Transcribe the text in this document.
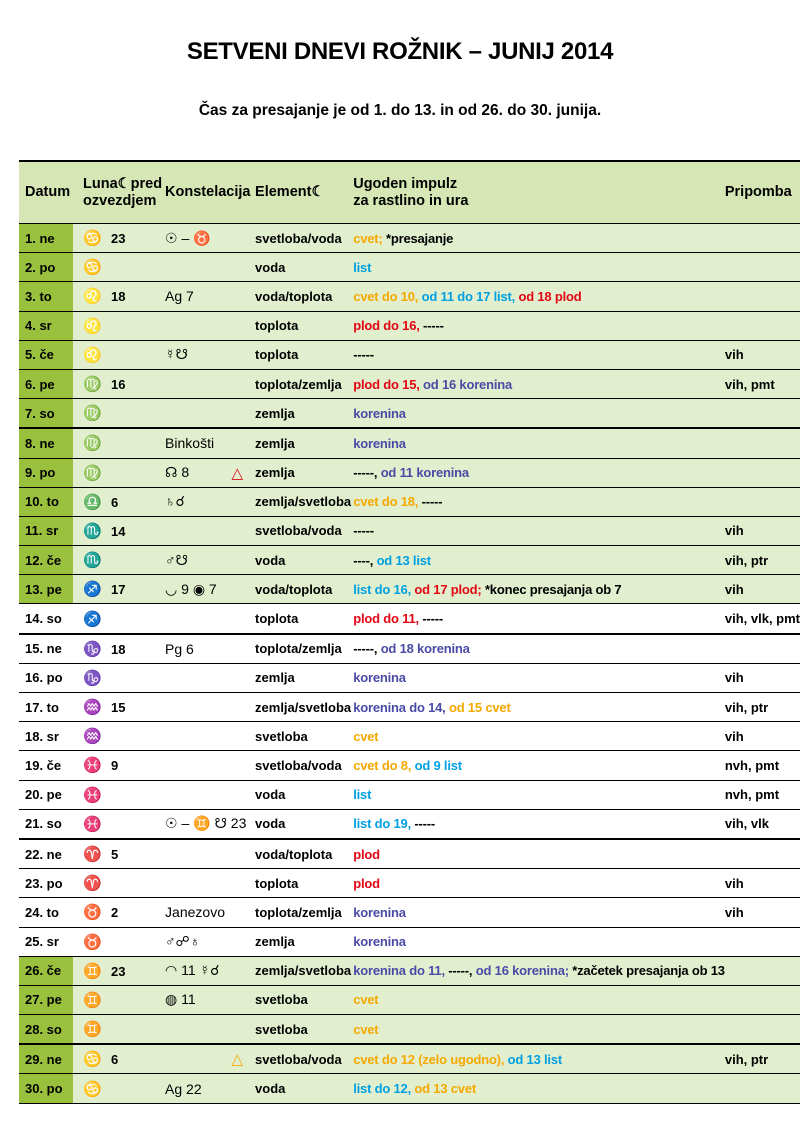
SETVENI DNEVI ROŽNIK – JUNIJ 2014
Čas za presajanje je od 1. do 13. in od 26. do 30. junija.
Datum	Luna☾pred
ozvezdjem	Konstelacija	Element☾	Ugoden impulz
za rastlino in ura	Pripomba
1. ne	♋ 23	☉ – ♉	svetloba/voda	cvet; *presajanje	
2. po	♋		voda	list	
3. to	♌ 18	Ag 7	voda/toplota	cvet do 10, od 11 do 17 list, od 18 plod	
4. sr	♌		toplota	plod do 16, -----	
5. če	♌	☿☋	toplota	-----	vih
6. pe	♍ 16		toplota/zemlja	plod do 15, od 16 korenina	vih, pmt
7. so	♍		zemlja	korenina	
8. ne	♍	Binkošti	zemlja	korenina	
9. po	♍	☊ 8 △	zemlja	-----, od 11 korenina	
10. to	♎ 6	♄☌	zemlja/svetloba	cvet do 18, -----	
11. sr	♏ 14		svetloba/voda	-----	vih
12. če	♏	♂☋	voda	----, od 13 list	vih, ptr
13. pe	♐ 17	◡ 9 ◉ 7	voda/toplota	list do 16, od 17 plod; *konec presajanja ob 7	vih
14. so	♐		toplota	plod do 11, -----	vih, vlk, pmt
15. ne	♑ 18	Pg 6	toplota/zemlja	-----, od 18 korenina	
16. po	♑		zemlja	korenina	vih
17. to	♒ 15		zemlja/svetloba	korenina do 14, od 15 cvet	vih, ptr
18. sr	♒		svetloba	cvet	vih
19. če	♓ 9		svetloba/voda	cvet do 8, od 9 list	nvh, pmt
20. pe	♓		voda	list	nvh, pmt
21. so	♓	☉ – ♊ ☋ 23	voda	list do 19, -----	vih, vlk
22. ne	♈ 5		voda/toplota	plod	
23. po	♈		toplota	plod	vih
24. to	♉ 2	Janezovo	toplota/zemlja	korenina	vih
25. sr	♉	♂☍♁	zemlja	korenina	
26. če	♊ 23	◠ 11 ☿☌	zemlja/svetloba	korenina do 11, -----, od 16 korenina; *začetek presajanja ob 13	
27. pe	♊	◍ 11	svetloba	cvet	
28. so	♊		svetloba	cvet	
29. ne	♋ 6	△	svetloba/voda	cvet do 12 (zelo ugodno), od 13 list	vih, ptr
30. po	♋	Ag 22	voda	list do 12, od 13 cvet	
